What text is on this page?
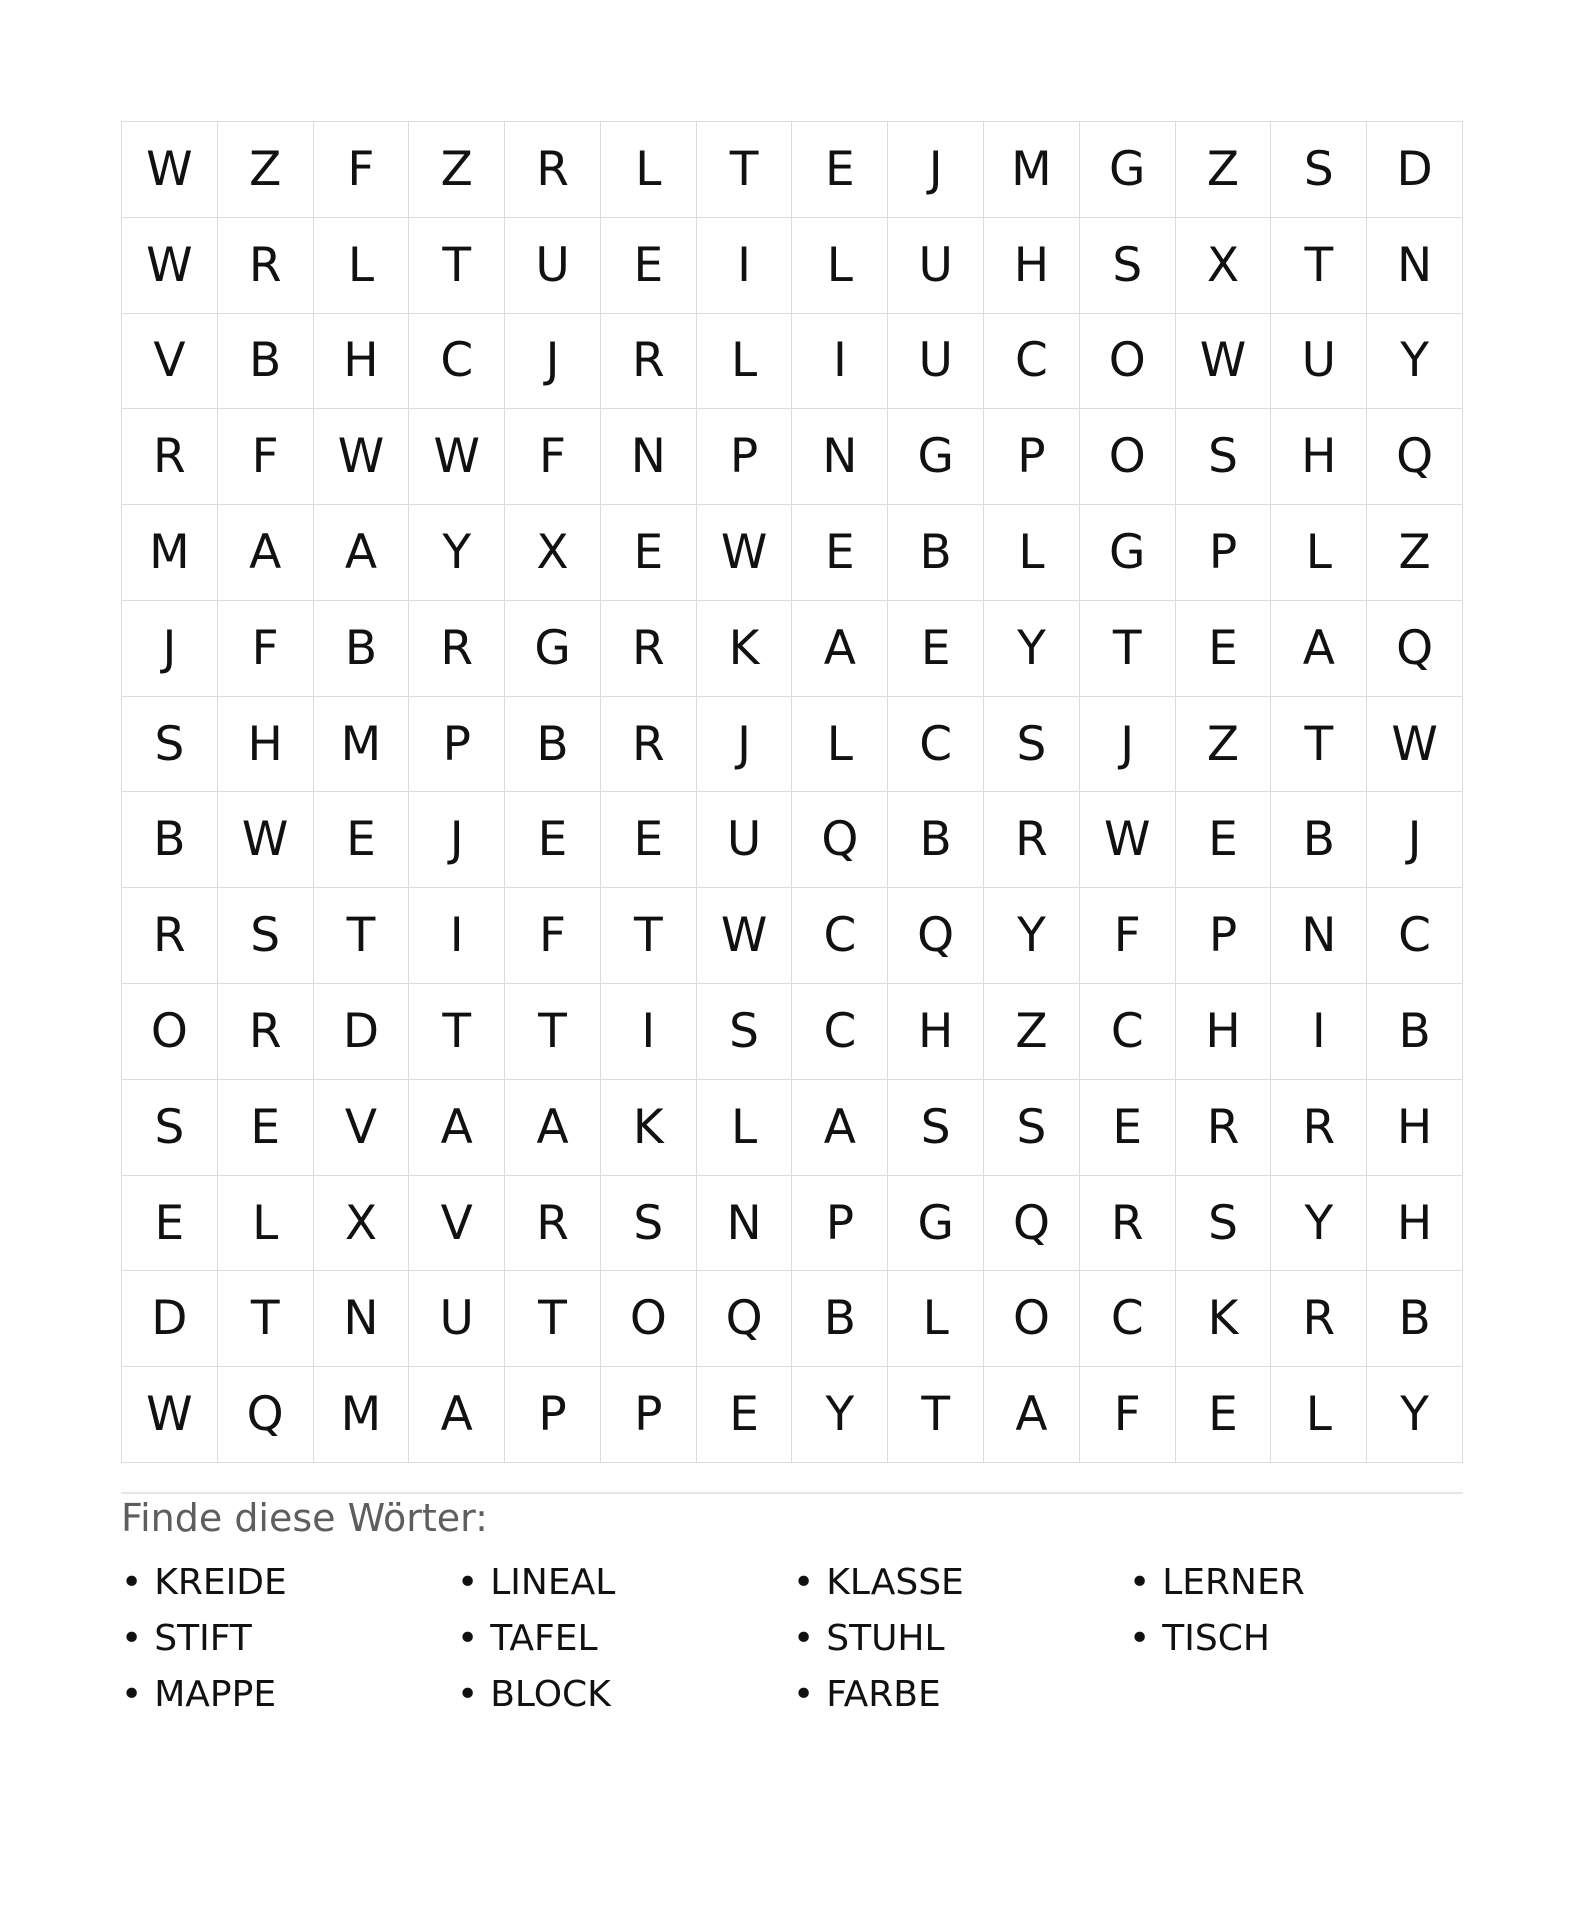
W	Z	F	Z	R	L	T	E	J	M	G	Z	S	D
W	R	L	T	U	E	I	L	U	H	S	X	T	N
V	B	H	C	J	R	L	I	U	C	O	W	U	Y
R	F	W	W	F	N	P	N	G	P	O	S	H	Q
M	A	A	Y	X	E	W	E	B	L	G	P	L	Z
J	F	B	R	G	R	K	A	E	Y	T	E	A	Q
S	H	M	P	B	R	J	L	C	S	J	Z	T	W
B	W	E	J	E	E	U	Q	B	R	W	E	B	J
R	S	T	I	F	T	W	C	Q	Y	F	P	N	C
O	R	D	T	T	I	S	C	H	Z	C	H	I	B
S	E	V	A	A	K	L	A	S	S	E	R	R	H
E	L	X	V	R	S	N	P	G	Q	R	S	Y	H
D	T	N	U	T	O	Q	B	L	O	C	K	R	B
W	Q	M	A	P	P	E	Y	T	A	F	E	L	Y
Finde diese Wörter:
• KREIDE
• STIFT
• MAPPE
• LINEAL
• TAFEL
• BLOCK
• KLASSE
• STUHL
• FARBE
• LERNER
• TISCH
